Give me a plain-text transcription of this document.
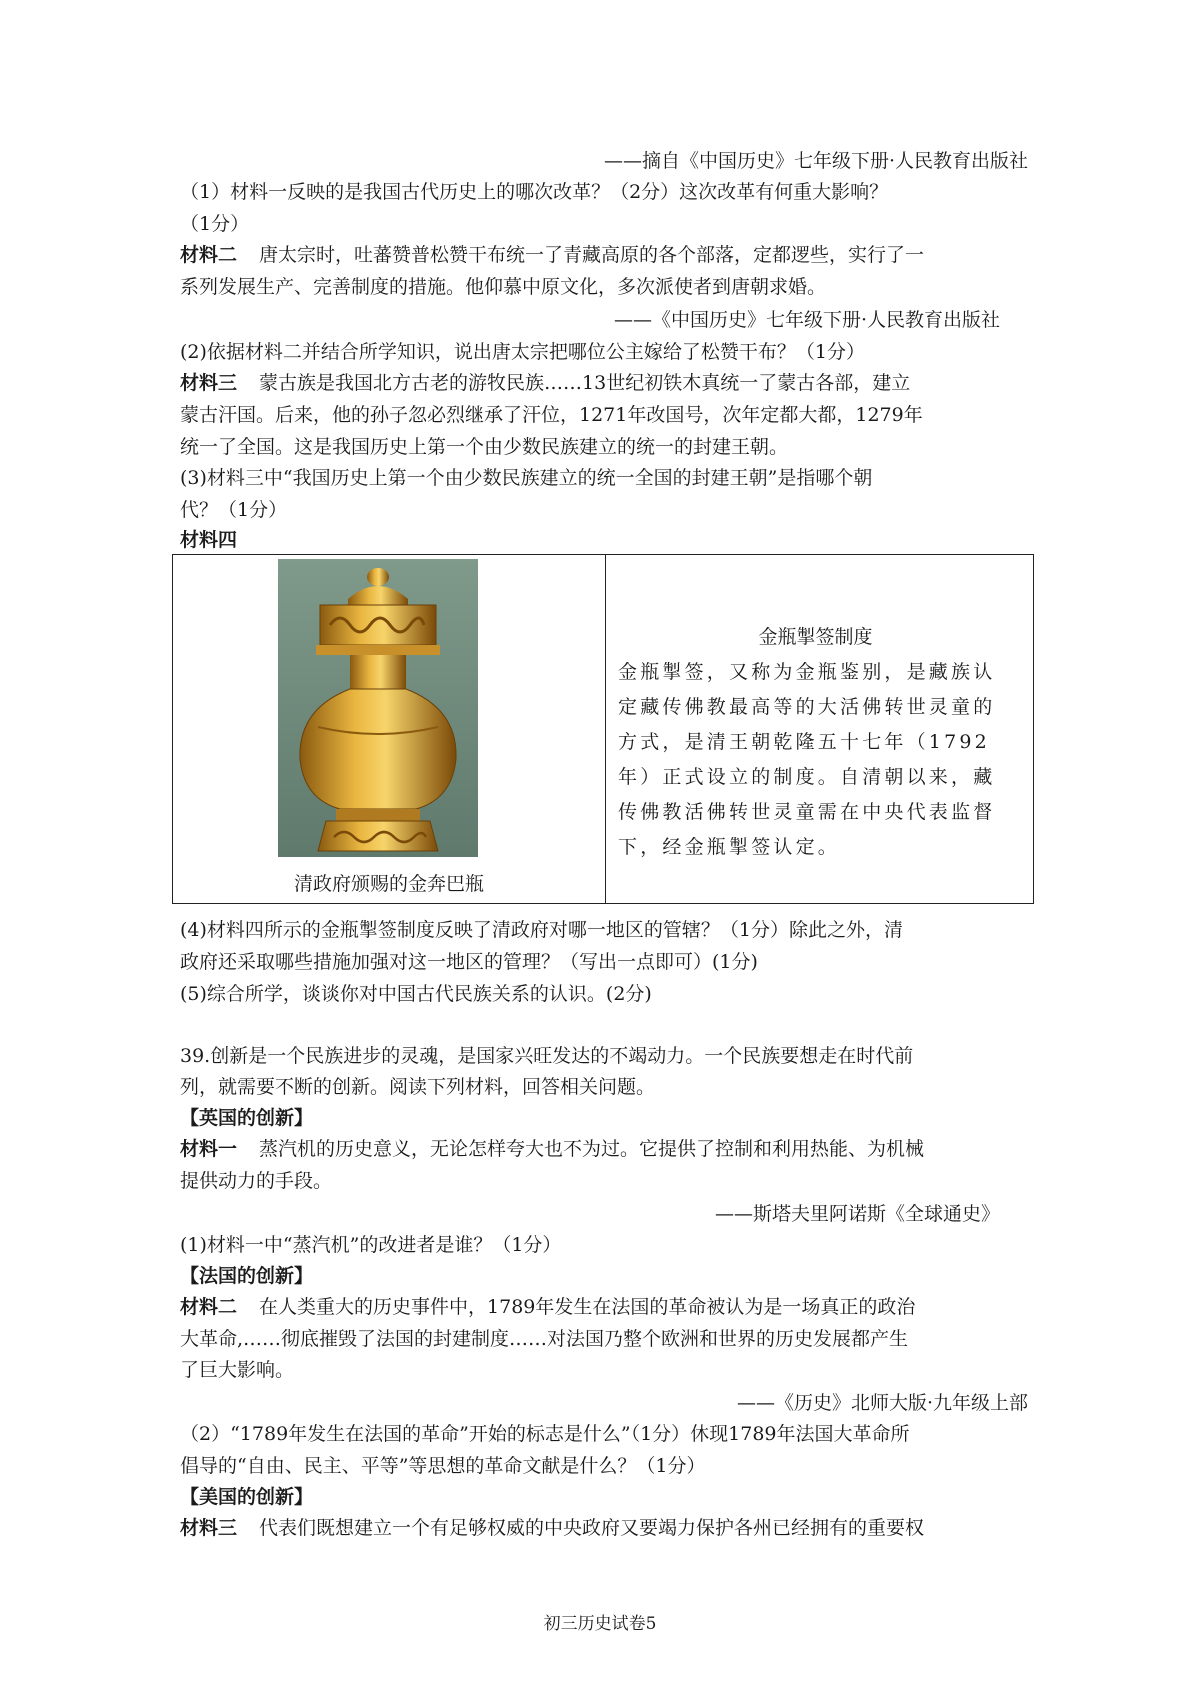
——摘自《中国历史》七年级下册·人民教育出版社
（1）材料一反映的是我国古代历史上的哪次改革？（2分）这次改革有何重大影响？
（1分）
材料二 唐太宗时，吐蕃赞普松赞干布统一了青藏高原的各个部落，定都逻些，实行了一
系列发展生产、完善制度的措施。他仰慕中原文化，多次派使者到唐朝求婚。
——《中国历史》七年级下册·人民教育出版社
(2)依据材料二并结合所学知识，说出唐太宗把哪位公主嫁给了松赞干布？（1分）
材料三 蒙古族是我国北方古老的游牧民族……13世纪初铁木真统一了蒙古各部，建立
蒙古汗国。后来，他的孙子忽必烈继承了汗位，1271年改国号，次年定都大都，1279年
统一了全国。这是我国历史上第一个由少数民族建立的统一的封建王朝。
(3)材料三中“我国历史上第一个由少数民族建立的统一全国的封建王朝”是指哪个朝
代？（1分）
材料四
清政府颁赐的金奔巴瓶

金瓶掣签制度
金瓶掣签，又称为金瓶鉴别，是藏族认定藏传佛教最高等的大活佛转世灵童的方式，是清王朝乾隆五十七年（1792年）正式设立的制度。自清朝以来，藏传佛教活佛转世灵童需在中央代表监督下，经金瓶掣签认定。
(4)材料四所示的金瓶掣签制度反映了清政府对哪一地区的管辖？（1分）除此之外，清
政府还采取哪些措施加强对这一地区的管理？（写出一点即可）(1分)
(5)综合所学，谈谈你对中国古代民族关系的认识。(2分)
39.创新是一个民族进步的灵魂，是国家兴旺发达的不竭动力。一个民族要想走在时代前
列，就需要不断的创新。阅读下列材料，回答相关问题。
【英国的创新】
材料一 蒸汽机的历史意义，无论怎样夸大也不为过。它提供了控制和利用热能、为机械
提供动力的手段。
——斯塔夫里阿诺斯《全球通史》
(1)材料一中“蒸汽机”的改进者是谁？（1分）
【法国的创新】
材料二 在人类重大的历史事件中，1789年发生在法国的革命被认为是一场真正的政治
大革命,……彻底摧毁了法国的封建制度……对法国乃整个欧洲和世界的历史发展都产生
了巨大影响。
——《历史》北师大版·九年级上部
（2）“1789年发生在法国的革命”开始的标志是什么”（1分）休现1789年法国大革命所
倡导的“自由、民主、平等”等思想的革命文献是什么？（1分）
【美国的创新】
材料三 代表们既想建立一个有足够权威的中央政府又要竭力保护各州已经拥有的重要权
初三历史试卷5
